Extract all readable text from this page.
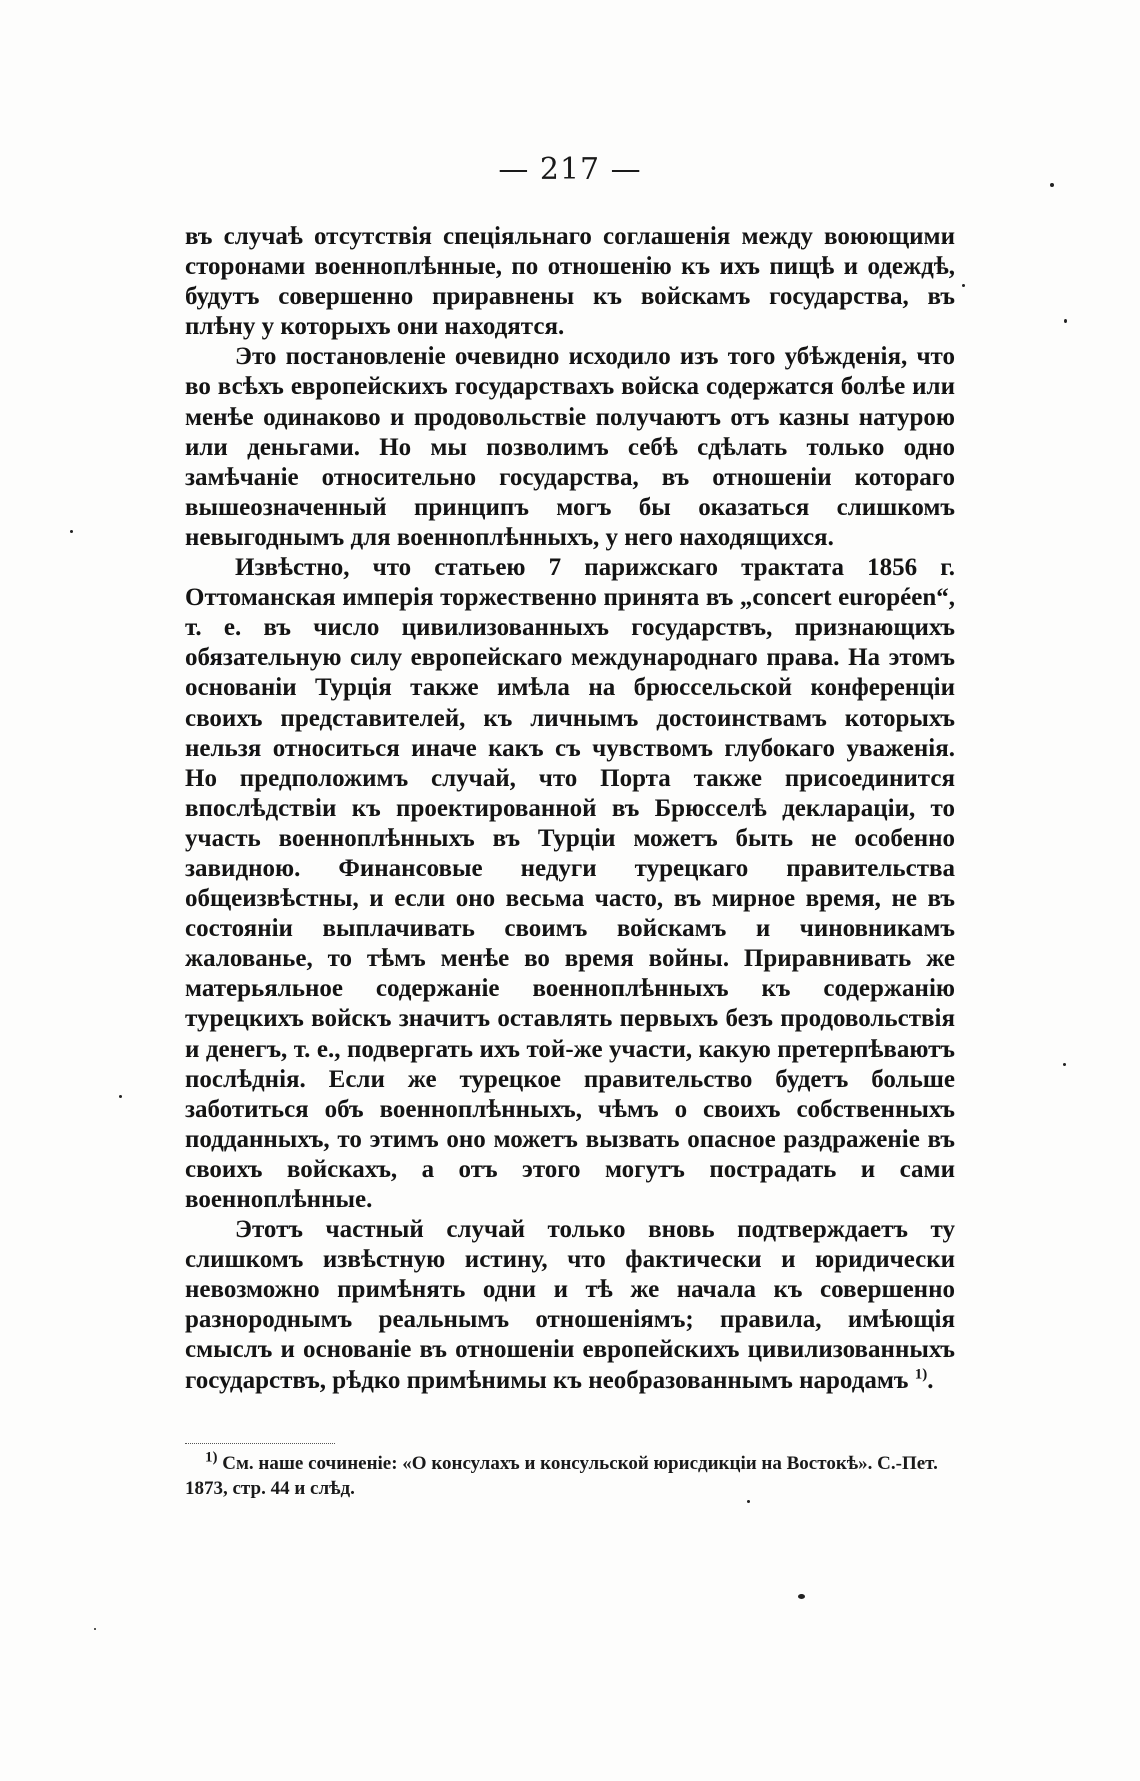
— 217 —

въ случаѣ отсутствія спеціяльнаго соглашенія между воюющими сторонами военноплѣнные, по отношенію къ ихъ пищѣ и одеждѣ, будутъ совершенно приравнены къ войскамъ государства, въ плѣну у которыхъ они находятся.

Это постановленіе очевидно исходило изъ того убѣжденія, что во всѣхъ европейскихъ государствахъ войска содержатся болѣе или менѣе одинаково и продовольствіе получаютъ отъ казны натурою или деньгами. Но мы позволимъ себѣ сдѣлать только одно замѣчаніе относительно государства, въ отношеніи котораго вышеозначенный принципъ могъ бы оказаться слишкомъ невыгоднымъ для военноплѣнныхъ, у него находящихся.

Извѣстно, что статьею 7 парижскаго трактата 1856 г. Оттоманская имперія торжественно принята въ „concert européen“, т. е. въ число цивилизованныхъ государствъ, признающихъ обязательную силу европейскаго международнаго права. На этомъ основаніи Турція также имѣла на брюссельской конференціи своихъ представителей, къ личнымъ достоинствамъ которыхъ нельзя относиться иначе какъ съ чувствомъ глубокаго уваженія. Но предположимъ случай, что Порта также присоединится впослѣдствіи къ проектированной въ Брюсселѣ декларацiи, то участь военноплѣнныхъ въ Турціи можетъ быть не особенно завидною. Финансовые недуги турецкаго правительства общеизвѣстны, и если оно весьма часто, въ мирное время, не въ состояніи выплачивать своимъ войскамъ и чиновникамъ жалованье, то тѣмъ менѣе во время войны. Приравнивать же матерьяльное содержаніе военноплѣнныхъ къ содержанію турецкихъ войскъ значитъ оставлять первыхъ безъ продовольствія и денегъ, т. е., подвергать ихъ той-же участи, какую претерпѣваютъ послѣднія. Если же турецкое правительство будетъ больше заботиться объ военноплѣнныхъ, чѣмъ о своихъ собственныхъ подданныхъ, то этимъ оно можетъ вызвать опасное раздраженіе въ своихъ войскахъ, а отъ этого могутъ пострадать и сами военноплѣнные.

Этотъ частный случай только вновь подтверждаетъ ту слишкомъ извѣстную истину, что фактически и юридически невозможно примѣнять одни и тѣ же начала къ совершенно разнороднымъ реальнымъ отношеніямъ; правила, имѣющія смыслъ и основаніе въ отношеніи европейскихъ цивилизованныхъ государствъ, рѣдко примѣнимы къ необразованнымъ народамъ $^{1)}$.

$^{1)}$ См. наше сочиненіе: «О консулахъ и консульской юрисдикціи на Востокѣ». С.-Пет. 1873, стр. 44 и слѣд.
